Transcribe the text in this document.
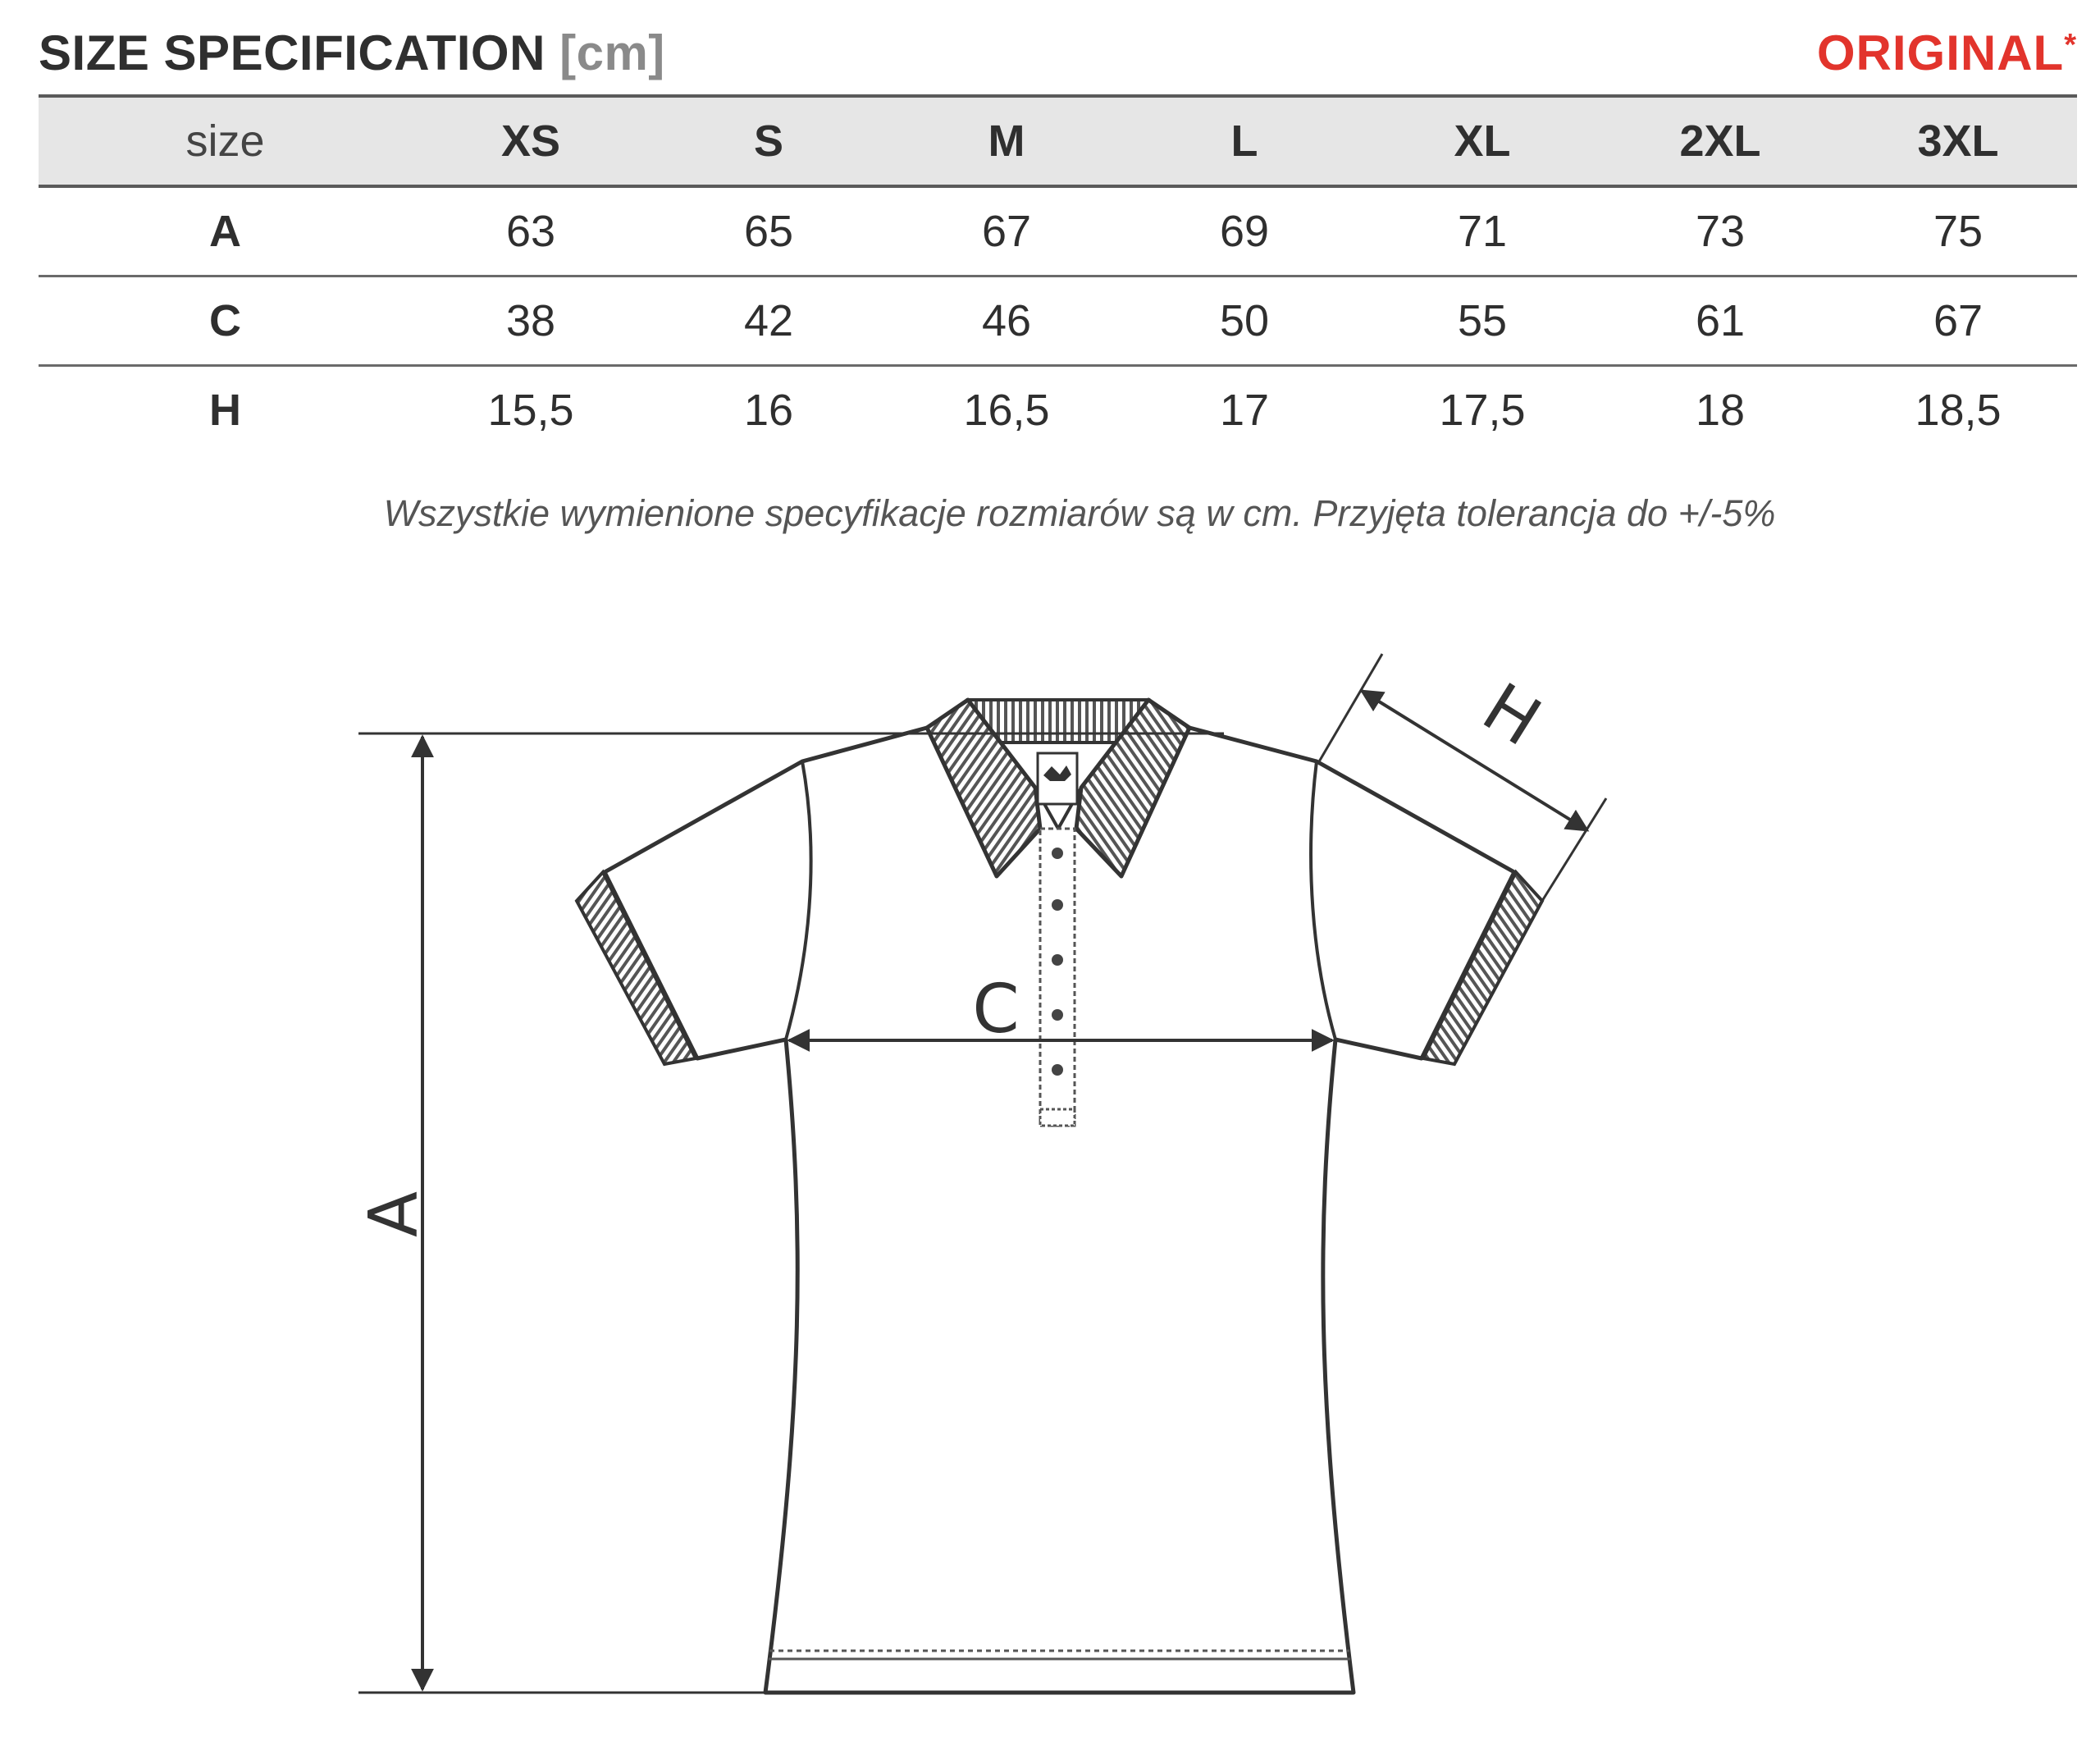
SIZE SPECIFICATION [cm]	ORIGINAL*
size	XS	S	M	L	XL	2XL	3XL
A	63	65	67	69	71	73	75
C	38	42	46	50	55	61	67
H	15,5	16	16,5	17	17,5	18	18,5
Wszystkie wymienione specyfikacje rozmiarów są w cm. Przyjęta tolerancja do +/-5%
A
C
H
